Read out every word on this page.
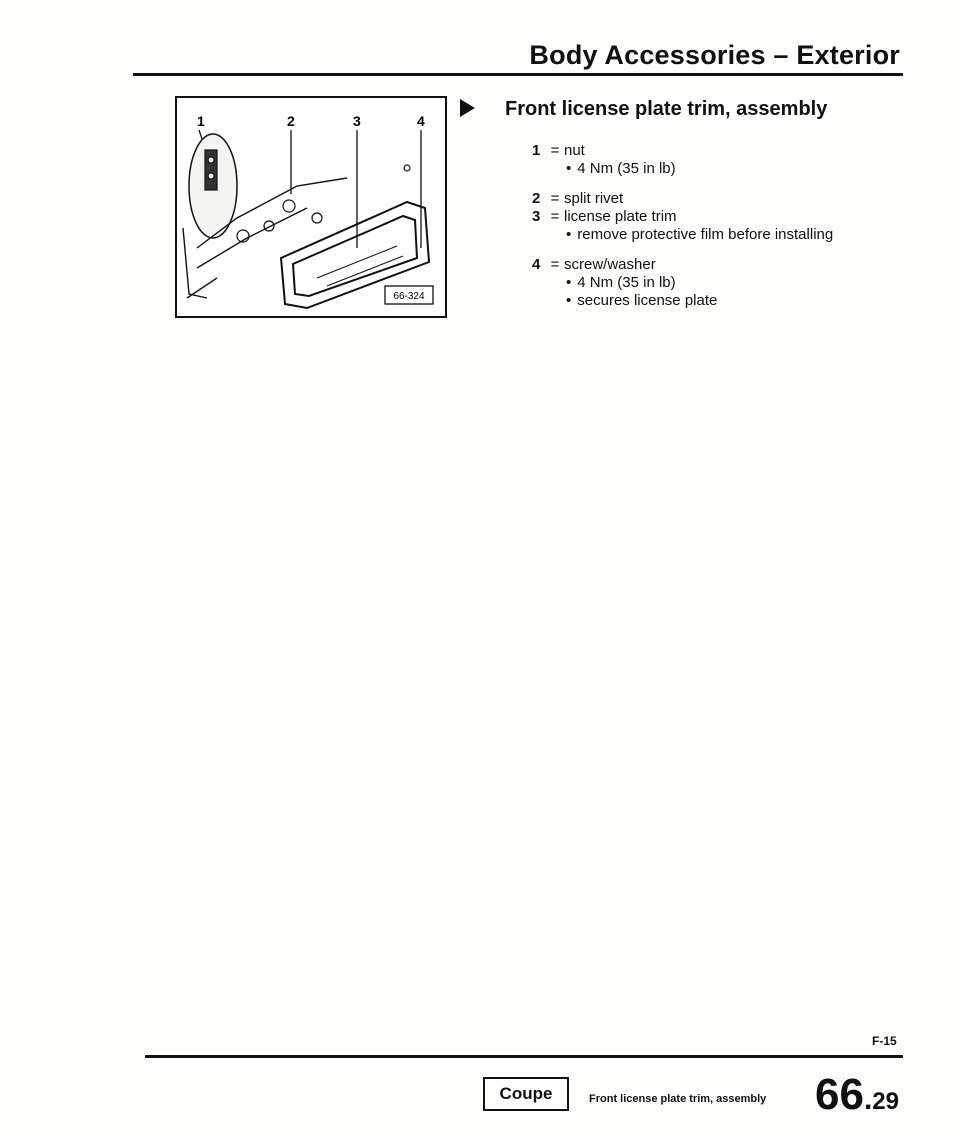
Body Accessories – Exterior
1	2	3	4
66-324
Front license plate trim, assembly
1 = nut
• 4 Nm (35 in lb)
2 = split rivet
3 = license plate trim
• remove protective film before installing
4 = screw/washer
• 4 Nm (35 in lb)
• secures license plate
F-15
Coupe	Front license plate trim, assembly 66.29
